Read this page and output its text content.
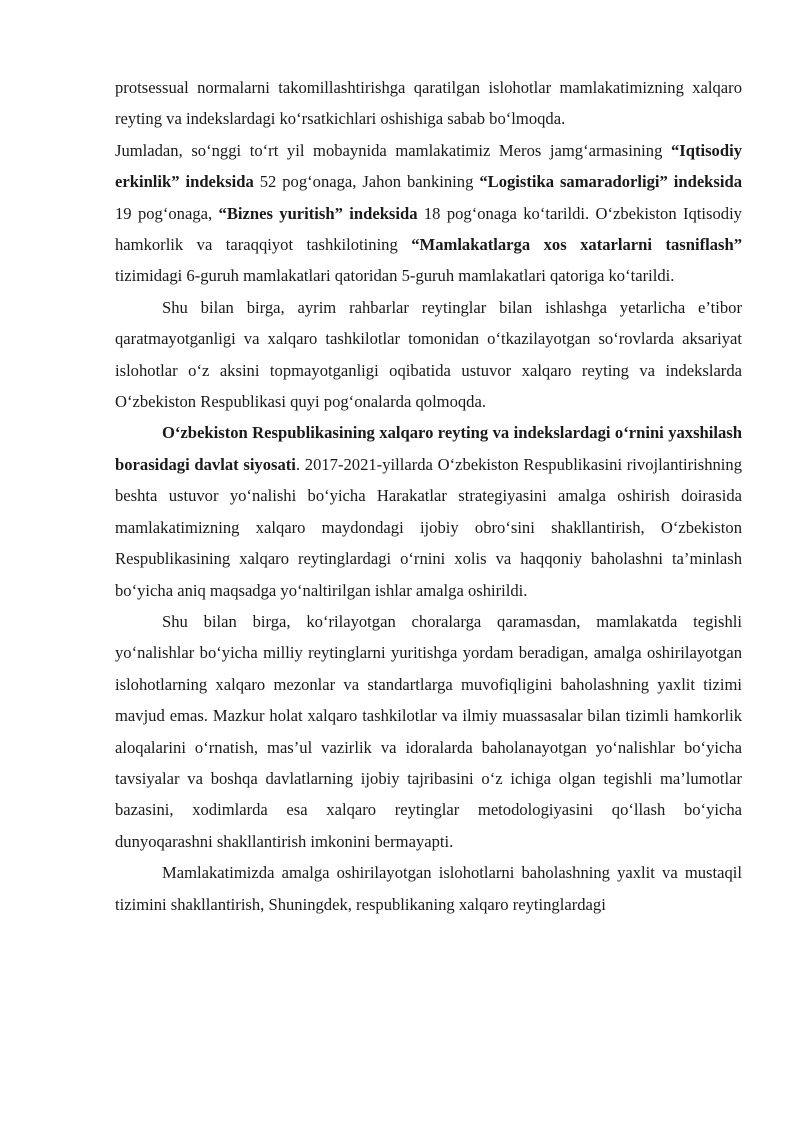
protsessual normalarni takomillashtirishga qaratilgan islohotlar mamlakatimizning xalqaro reyting va indekslardagi ko‘rsatkichlari oshishiga sabab bo‘lmoqda.

Jumladan, so‘nggi to‘rt yil mobaynida mamlakatimiz Meros jamg‘armasining “Iqtisodiy erkinlik” indeksida 52 pog‘onaga, Jahon bankining “Logistika samaradorligi” indeksida 19 pog‘onaga, “Biznes yuritish” indeksida 18 pog‘onaga ko‘tarildi. O‘zbekiston Iqtisodiy hamkorlik va taraqqiyot tashkilotining “Mamlakatlarga xos xatarlarni tasniflash” tizimidagi 6-guruh mamlakatlari qatoridan 5-guruh mamlakatlari qatoriga ko‘tarildi.

Shu bilan birga, ayrim rahbarlar reytinglar bilan ishlashga yetarlicha e’tibor qaratmayotganligi va xalqaro tashkilotlar tomonidan o‘tkazilayotgan so‘rovlarda aksariyat islohotlar o‘z aksini topmayotganligi oqibatida ustuvor xalqaro reyting va indekslarda O‘zbekiston Respublikasi quyi pog‘onalarda qolmoqda.

O‘zbekiston Respublikasining xalqaro reyting va indekslardagi o‘rnini yaxshilash borasidagi davlat siyosati. 2017-2021-yillarda O‘zbekiston Respublikasini rivojlantirishning beshta ustuvor yo‘nalishi bo‘yicha Harakatlar strategiyasini amalga oshirish doirasida mamlakatimizning xalqaro maydondagi ijobiy obro‘sini shakllantirish, O‘zbekiston Respublikasining xalqaro reytinglardagi o‘rnini xolis va haqqoniy baholashni ta’minlash bo‘yicha aniq maqsadga yo‘naltirilgan ishlar amalga oshirildi.

Shu bilan birga, ko‘rilayotgan choralarga qaramasdan, mamlakatda tegishli yo‘nalishlar bo‘yicha milliy reytinglarni yuritishga yordam beradigan, amalga oshirilayotgan islohotlarning xalqaro mezonlar va standartlarga muvofiqligini baholashning yaxlit tizimi mavjud emas. Mazkur holat xalqaro tashkilotlar va ilmiy muassasalar bilan tizimli hamkorlik aloqalarini o‘rnatish, mas’ul vazirlik va idoralarda baholanayotgan yo‘nalishlar bo‘yicha tavsiyalar va boshqa davlatlarning ijobiy tajribasini o‘z ichiga olgan tegishli ma’lumotlar bazasini, xodimlarda esa xalqaro reytinglar metodologiyasini qo‘llash bo‘yicha dunyoqarashni shakllantirish imkonini bermayapti.

Mamlakatimizda amalga oshirilayotgan islohotlarni baholashning yaxlit va mustaqil tizimini shakllantirish, Shuningdek, respublikaning xalqaro reytinglardagi
